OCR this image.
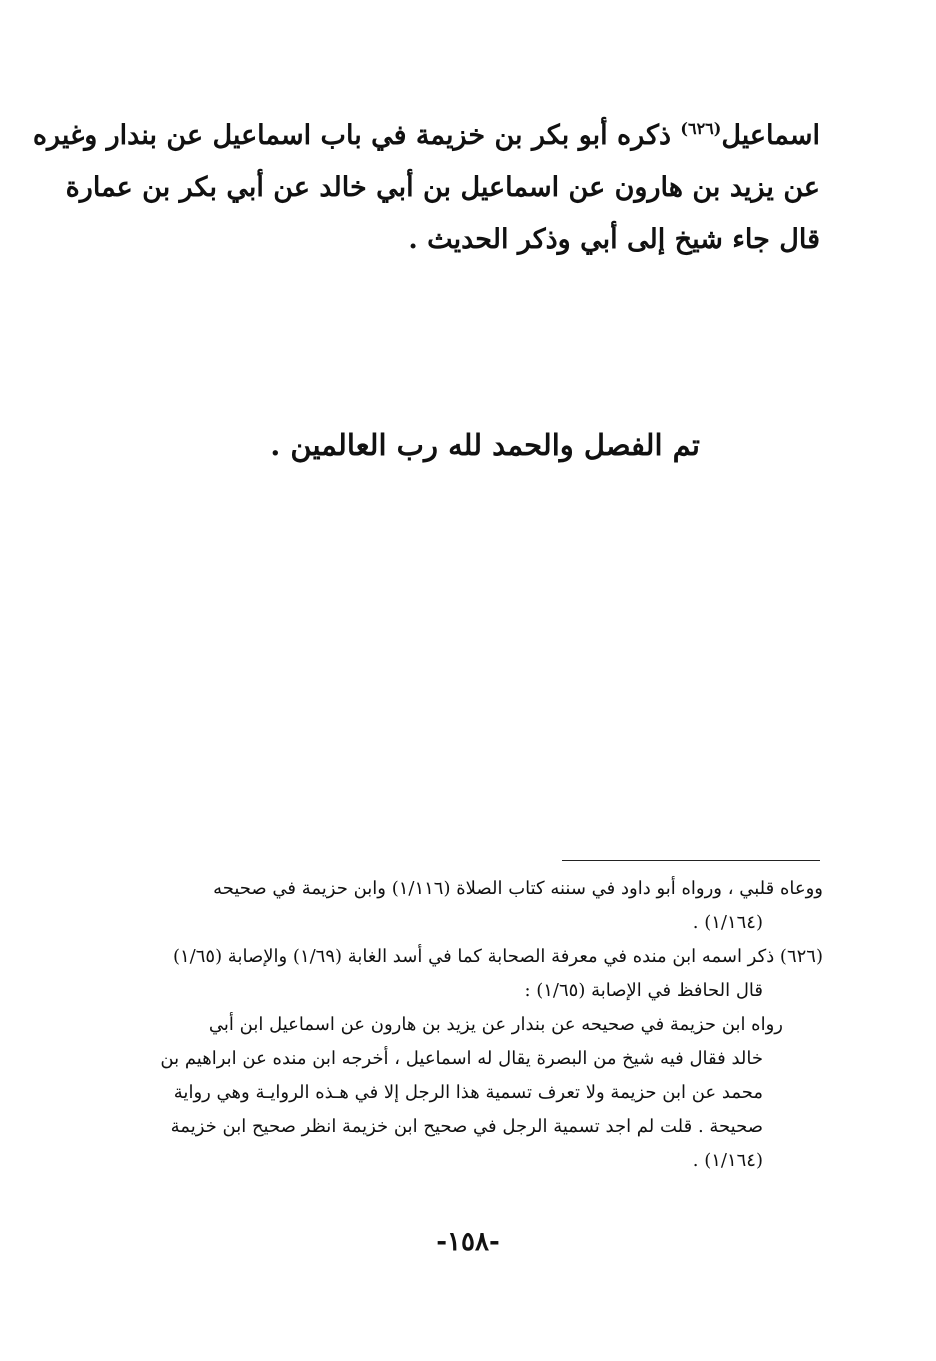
اسماعيل$^{(٦٢٦)}$ ذكره أبو بكر بن خزيمة في باب اسماعيل عن بندار وغيره
عن يزيد بن هارون عن اسماعيل بن أبي خالد عن أبي بكر بن عمارة
قال جاء شيخ إلى أبي وذكر الحديث .
تم الفصل والحمد لله رب العالمين .
ووعاه قلبي ، ورواه أبو داود في سننه كتاب الصلاة (١/١١٦) وابن حزيمة في صحيحه
(١/١٦٤) .
(٦٢٦) ذكر اسمه ابن منده في معرفة الصحابة كما في أسد الغابة (١/٦٩) والإصابة (١/٦٥)
قال الحافظ في الإصابة (١/٦٥) :
رواه ابن حزيمة في صحيحه عن بندار عن يزيد بن هارون عن اسماعيل ابن أبي
خالد فقال فيه شيخ من البصرة يقال له اسماعيل ، أخرجه ابن منده عن ابراهيم بن
محمد عن ابن حزيمة ولا تعرف تسمية هذا الرجل إلا في هـذه الروايـة وهي رواية
صحيحة . قلت لم اجد تسمية الرجل في صحيح ابن خزيمة انظر صحيح ابن خزيمة
(١/١٦٤) .
-١٥٨-
